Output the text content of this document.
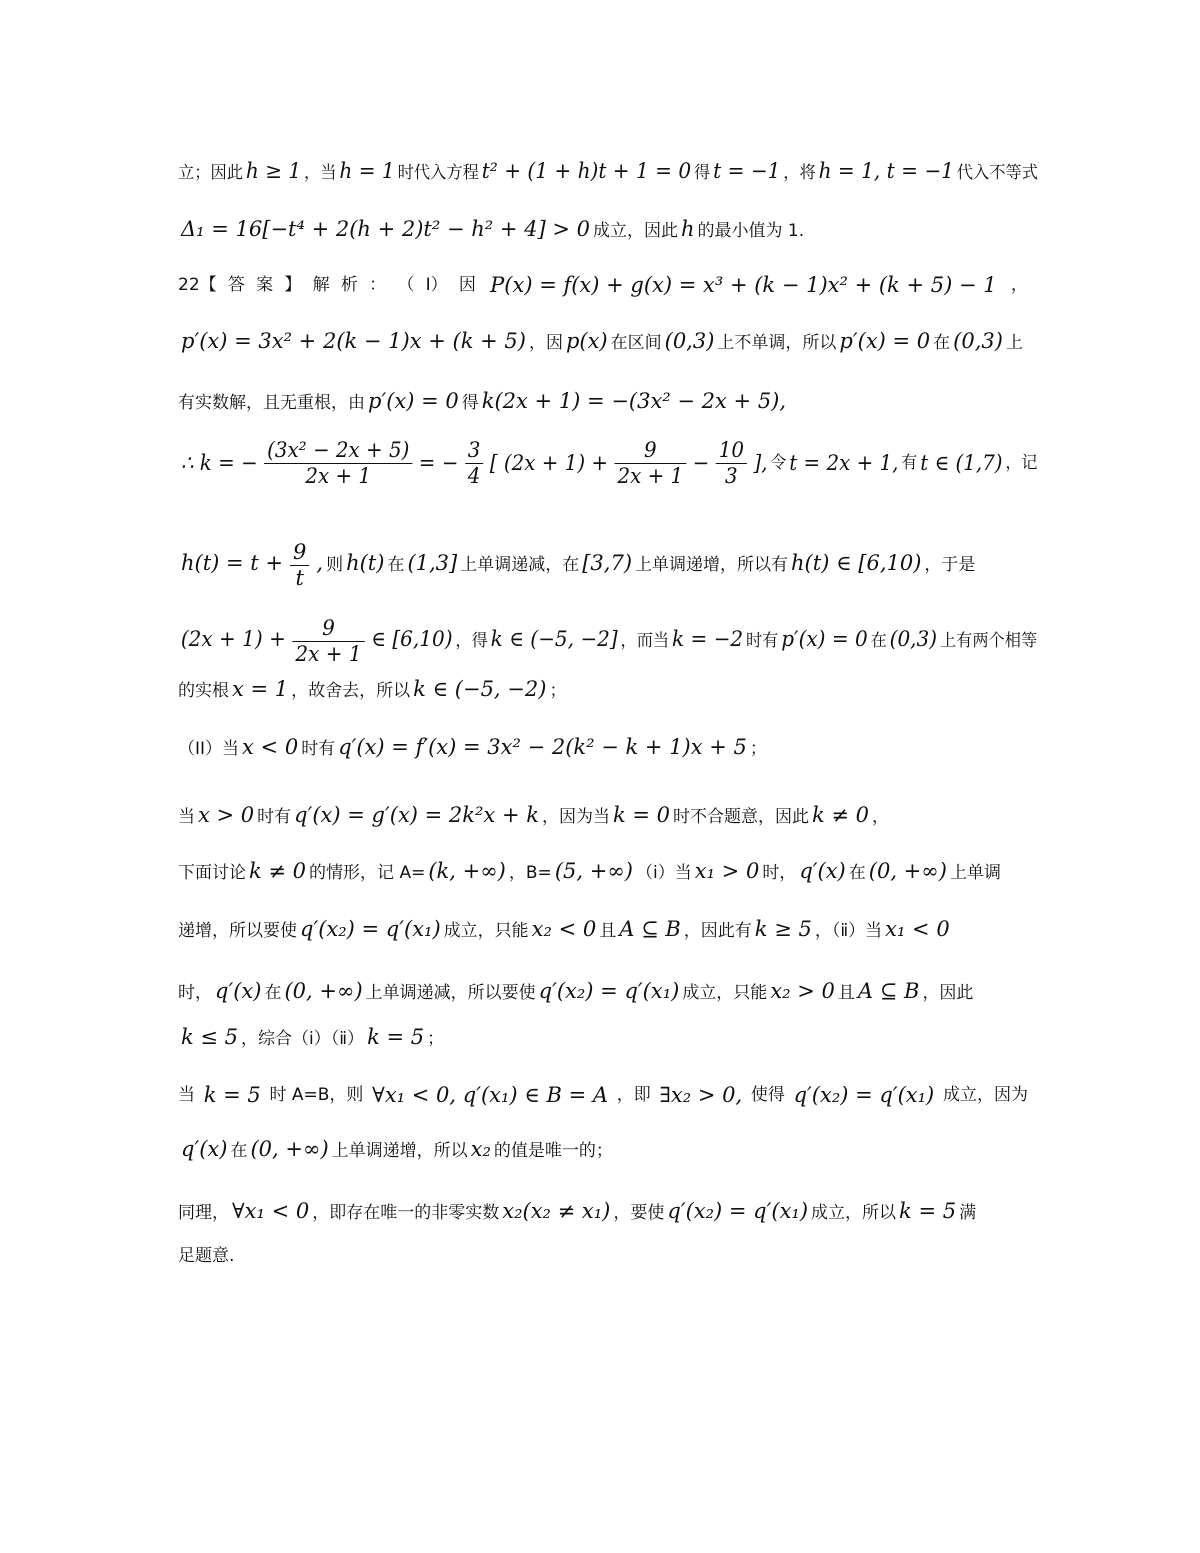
立；因此 h ≥ 1 ，当 h = 1 时代入方程 t² + (1 + h)t + 1 = 0 得 t = −1 ，将 h = 1, t = −1 代入不等式
Δ₁ = 16[−t⁴ + 2(h + 2)t² − h² + 4] > 0 成立，因此 h 的最小值为 1.
22【 答 案 】 解 析 ： （ I） 因 P(x) = f(x) + g(x) = x³ + (k − 1)x² + (k + 5) − 1 ，
p′(x) = 3x² + 2(k − 1)x + (k + 5) ，因 p(x) 在区间 (0,3) 上不单调，所以 p′(x) = 0 在 (0,3) 上
有实数解，且无重根，由 p′(x) = 0 得 k(2x + 1) = −(3x² − 2x + 5),
∴ k = − $\frac{\text{(3x² − 2x + 5)}}{2x + 1}$ = − $\frac{3}{4}$ [ $(2x + 1) + \frac{9}{2x + 1} - \frac{10}{3}$ ], 令 t = 2x + 1, 有 t ∈ (1,7) ， 记
$h(t) = t + \frac{9}{t}$ , 则 h(t) 在 (1,3] 上单调递减，在 [3,7) 上单调递增，所以有 h(t) ∈ [6,10) ，于是
$(2x + 1) + \frac{9}{2x + 1}$ ∈ [6,10) ，得 k ∈ (−5, −2] ，而当 k = −2 时有 p′(x) = 0 在 (0,3) 上有两个相等
的实根 x = 1 ，故舍去，所以 k ∈ (−5, −2) ；
（II）当 x < 0 时有 q′(x) = f′(x) = 3x² − 2(k² − k + 1)x + 5 ；
当 x > 0 时有 q′(x) = g′(x) = 2k²x + k ，因为当 k = 0 时不合题意，因此 k ≠ 0 ，
下面讨论 k ≠ 0 的情形，记 A= (k, +∞) ，B= (5, +∞) （ⅰ）当 x₁ > 0 时， q′(x) 在 (0, +∞) 上单调
递增，所以要使 q′(x₂) = q′(x₁) 成立，只能 x₂ < 0 且 A ⊆ B ，因此有 k ≥ 5 ，（ⅱ）当 x₁ < 0
时， q′(x) 在 (0, +∞) 上单调递减，所以要使 q′(x₂) = q′(x₁) 成立，只能 x₂ > 0 且 A ⊆ B ，因此
k ≤ 5 ，综合（ⅰ）（ⅱ） k = 5 ；
当 k = 5 时 A=B，则 ∀x₁ < 0, q′(x₁) ∈ B = A ，即 ∃x₂ > 0, 使得 q′(x₂) = q′(x₁) 成立，因为
q′(x) 在 (0, +∞) 上单调递增，所以 x₂ 的值是唯一的；
同理， ∀x₁ < 0 ，即存在唯一的非零实数 x₂(x₂ ≠ x₁) ，要使 q′(x₂) = q′(x₁) 成立，所以 k = 5 满
足题意.
